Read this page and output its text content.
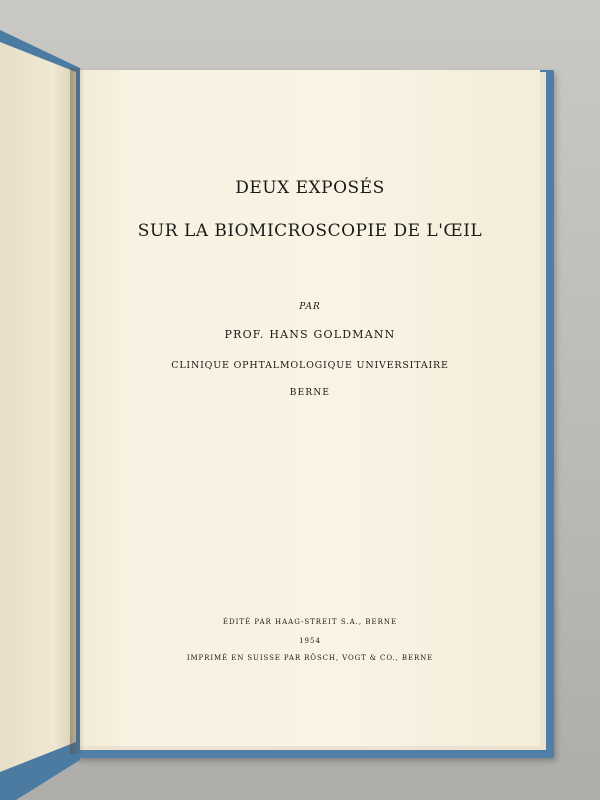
DEUX EXPOSÉS

SUR LA BIOMICROSCOPIE DE L'ŒIL

PAR

PROF. HANS GOLDMANN

CLINIQUE OPHTALMOLOGIQUE UNIVERSITAIRE

BERNE

ÉDITÉ PAR HAAG-STREIT S.A., BERNE

1954

IMPRIMÉ EN SUISSE PAR RÖSCH, VOGT & CO., BERNE
